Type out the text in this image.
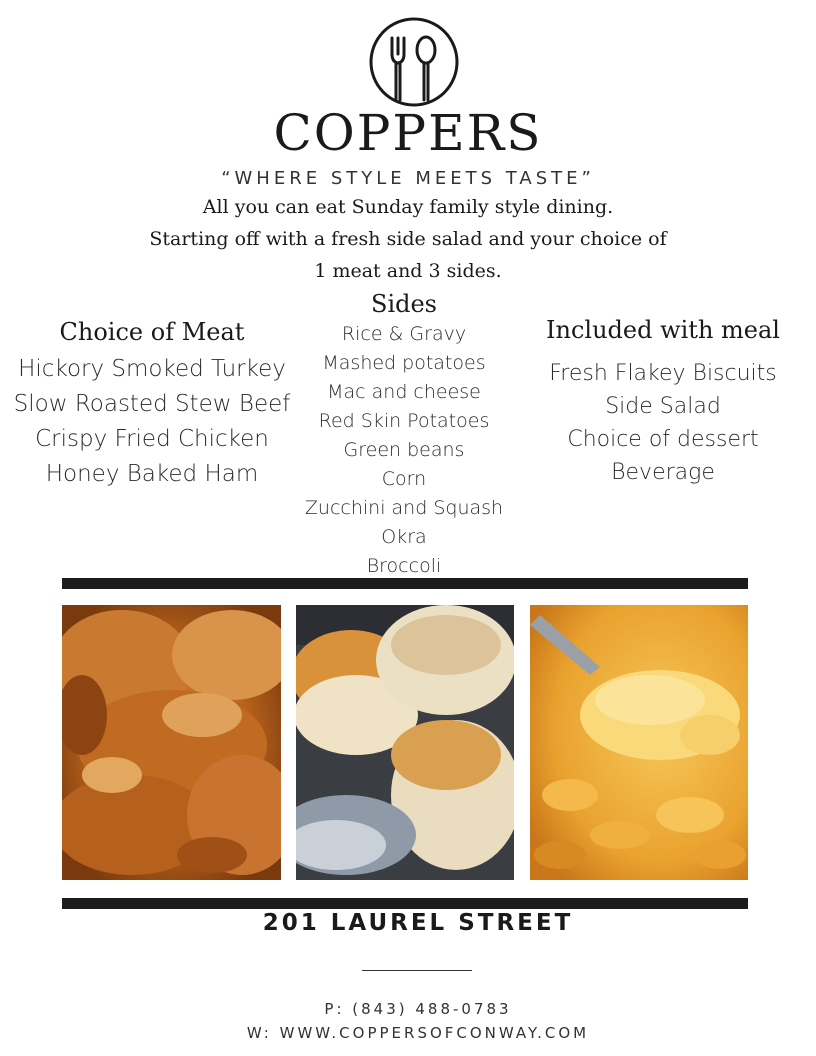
COPPERS
“WHERE STYLE MEETS TASTE”
All you can eat Sunday family style dining.
Starting off with a fresh side salad and your choice of
1 meat and 3 sides.
Choice of Meat
Hickory Smoked Turkey
Slow Roasted Stew Beef
Crispy Fried Chicken
Honey Baked Ham
Sides
Rice & Gravy
Mashed potatoes
Mac and cheese
Red Skin Potatoes
Green beans
Corn
Zucchini and Squash
Okra
Broccoli
Included with meal
Fresh Flakey Biscuits
Side Salad
Choice of dessert
Beverage
201 LAUREL STREET
P: (843) 488-0783
W: WWW.COPPERSOFCONWAY.COM
